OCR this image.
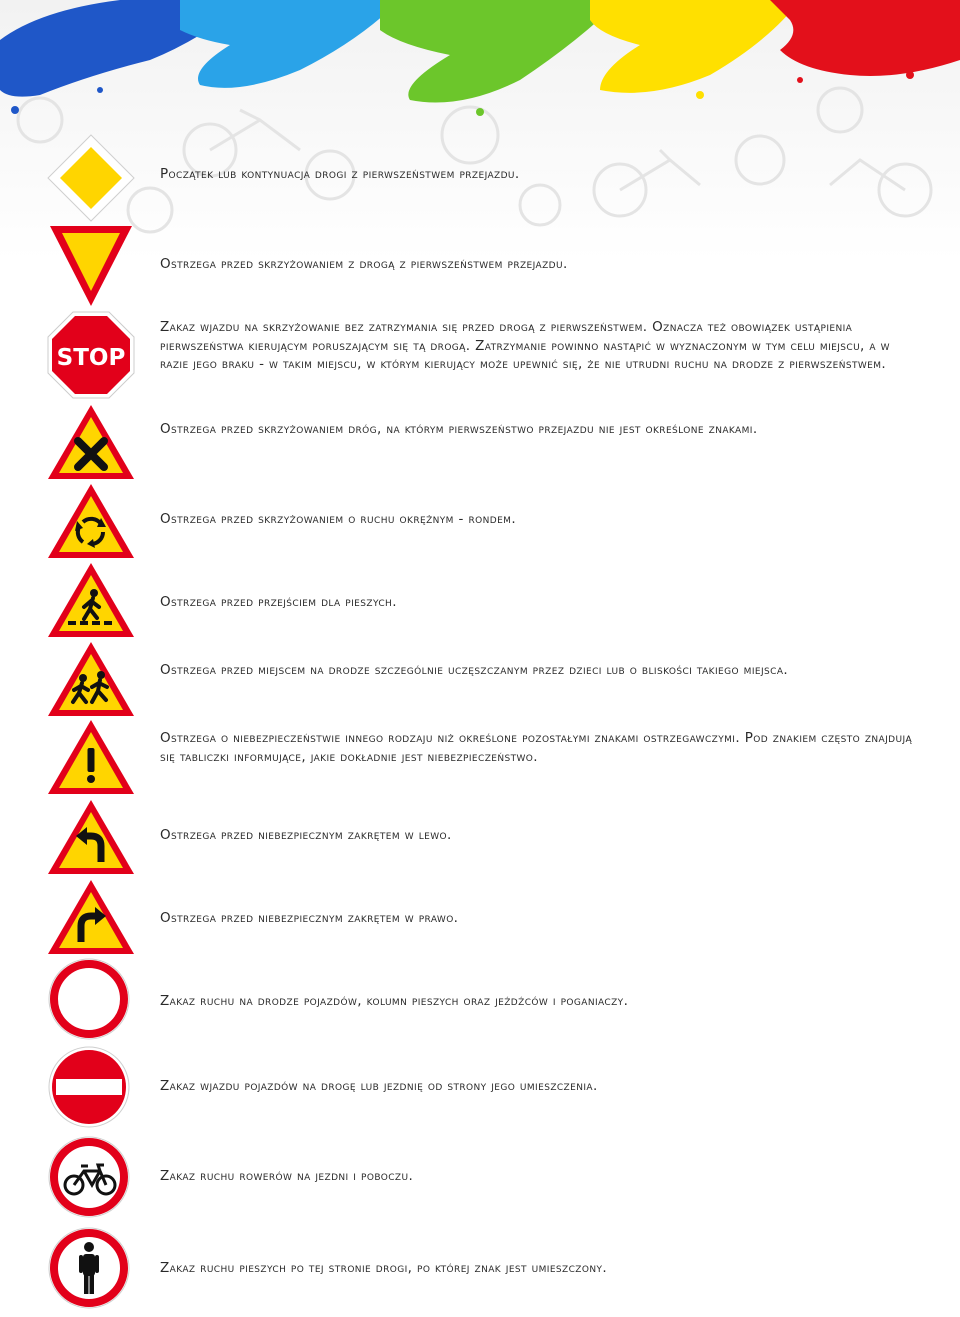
Początek lub kontynuacja drogi z pierwszeństwem przejazdu.
Ostrzega przed skrzyżowaniem z drogą z pierwszeństwem przejazdu.
STOP
Zakaz wjazdu na skrzyżowanie bez zatrzymania się przed drogą z pierwszeństwem. Oznacza też obowiązek ustąpienia pierwszeństwa kierującym poruszającym się tą drogą. Zatrzymanie powinno nastąpić w wyznaczonym w tym celu miejscu, a w razie jego braku - w takim miejscu, w którym kierujący może upewnić się, że nie utrudni ruchu na drodze z pierwszeństwem.
Ostrzega przed skrzyżowaniem dróg, na którym pierwszeństwo przejazdu nie jest określone znakami.
Ostrzega przed skrzyżowaniem o ruchu okrężnym - rondem.
Ostrzega przed przejściem dla pieszych.
Ostrzega przed miejscem na drodze szczególnie uczęszczanym przez dzieci lub o bliskości takiego miejsca.
Ostrzega o niebezpieczeństwie innego rodzaju niż określone pozostałymi znakami ostrzegawczymi. Pod znakiem często znajdują się tabliczki informujące, jakie dokładnie jest niebezpieczeństwo.
Ostrzega przed niebezpiecznym zakrętem w lewo.
Ostrzega przed niebezpiecznym zakrętem w prawo.
Zakaz ruchu na drodze pojazdów, kolumn pieszych oraz jeźdźców i poganiaczy.
Zakaz wjazdu pojazdów na drogę lub jezdnię od strony jego umieszczenia.
Zakaz ruchu rowerów na jezdni i poboczu.
Zakaz ruchu pieszych po tej stronie drogi, po której znak jest umieszczony.
